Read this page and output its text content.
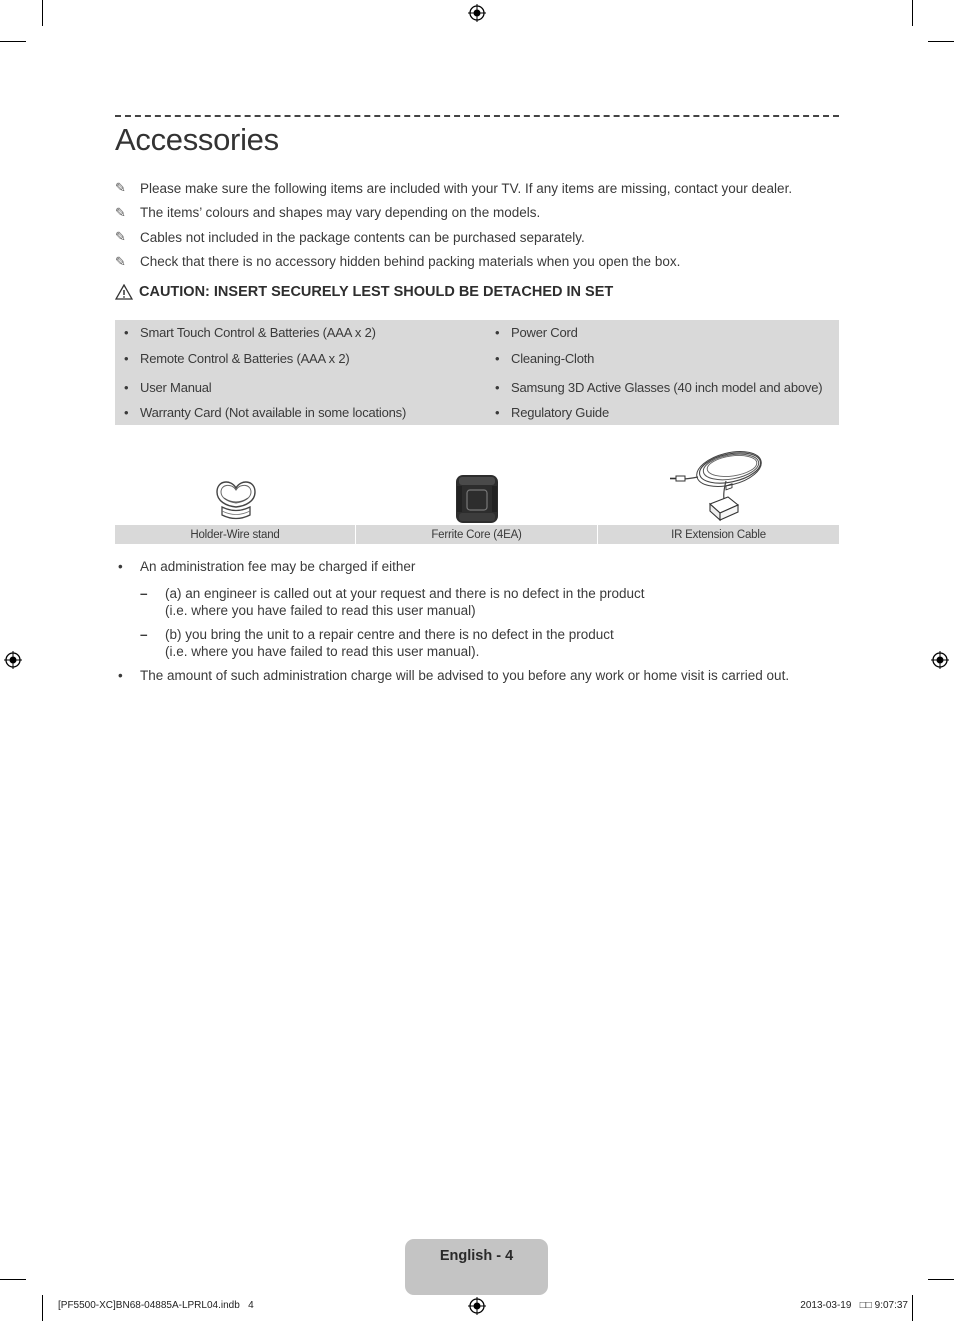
Accessories
✎	Please make sure the following items are included with your TV. If any items are missing, contact your dealer.
✎	The items’ colours and shapes may vary depending on the models.
✎	Cables not included in the package contents can be purchased separately.
✎	Check that there is no accessory hidden behind packing materials when you open the box.
CAUTION: INSERT SECURELY LEST SHOULD BE DETACHED IN SET
• Smart Touch Control & Batteries (AAA x 2)
• Remote Control & Batteries (AAA x 2)
• User Manual
• Warranty Card (Not available in some locations)
• Power Cord
• Cleaning-Cloth
• Samsung 3D Active Glasses (40 inch model and above)
• Regulatory Guide
Holder-Wire stand	Ferrite Core (4EA)	IR Extension Cable
• An administration fee may be charged if either
– (a) an engineer is called out at your request and there is no defect in the product
(i.e. where you have failed to read this user manual)
– (b) you bring the unit to a repair centre and there is no defect in the product
(i.e. where you have failed to read this user manual).
• The amount of such administration charge will be advised to you before any work or home visit is carried out.
English - 4
[PF5500-XC]BN68-04885A-LPRL04.indb   4	2013-03-19   □□ 9:07:37
